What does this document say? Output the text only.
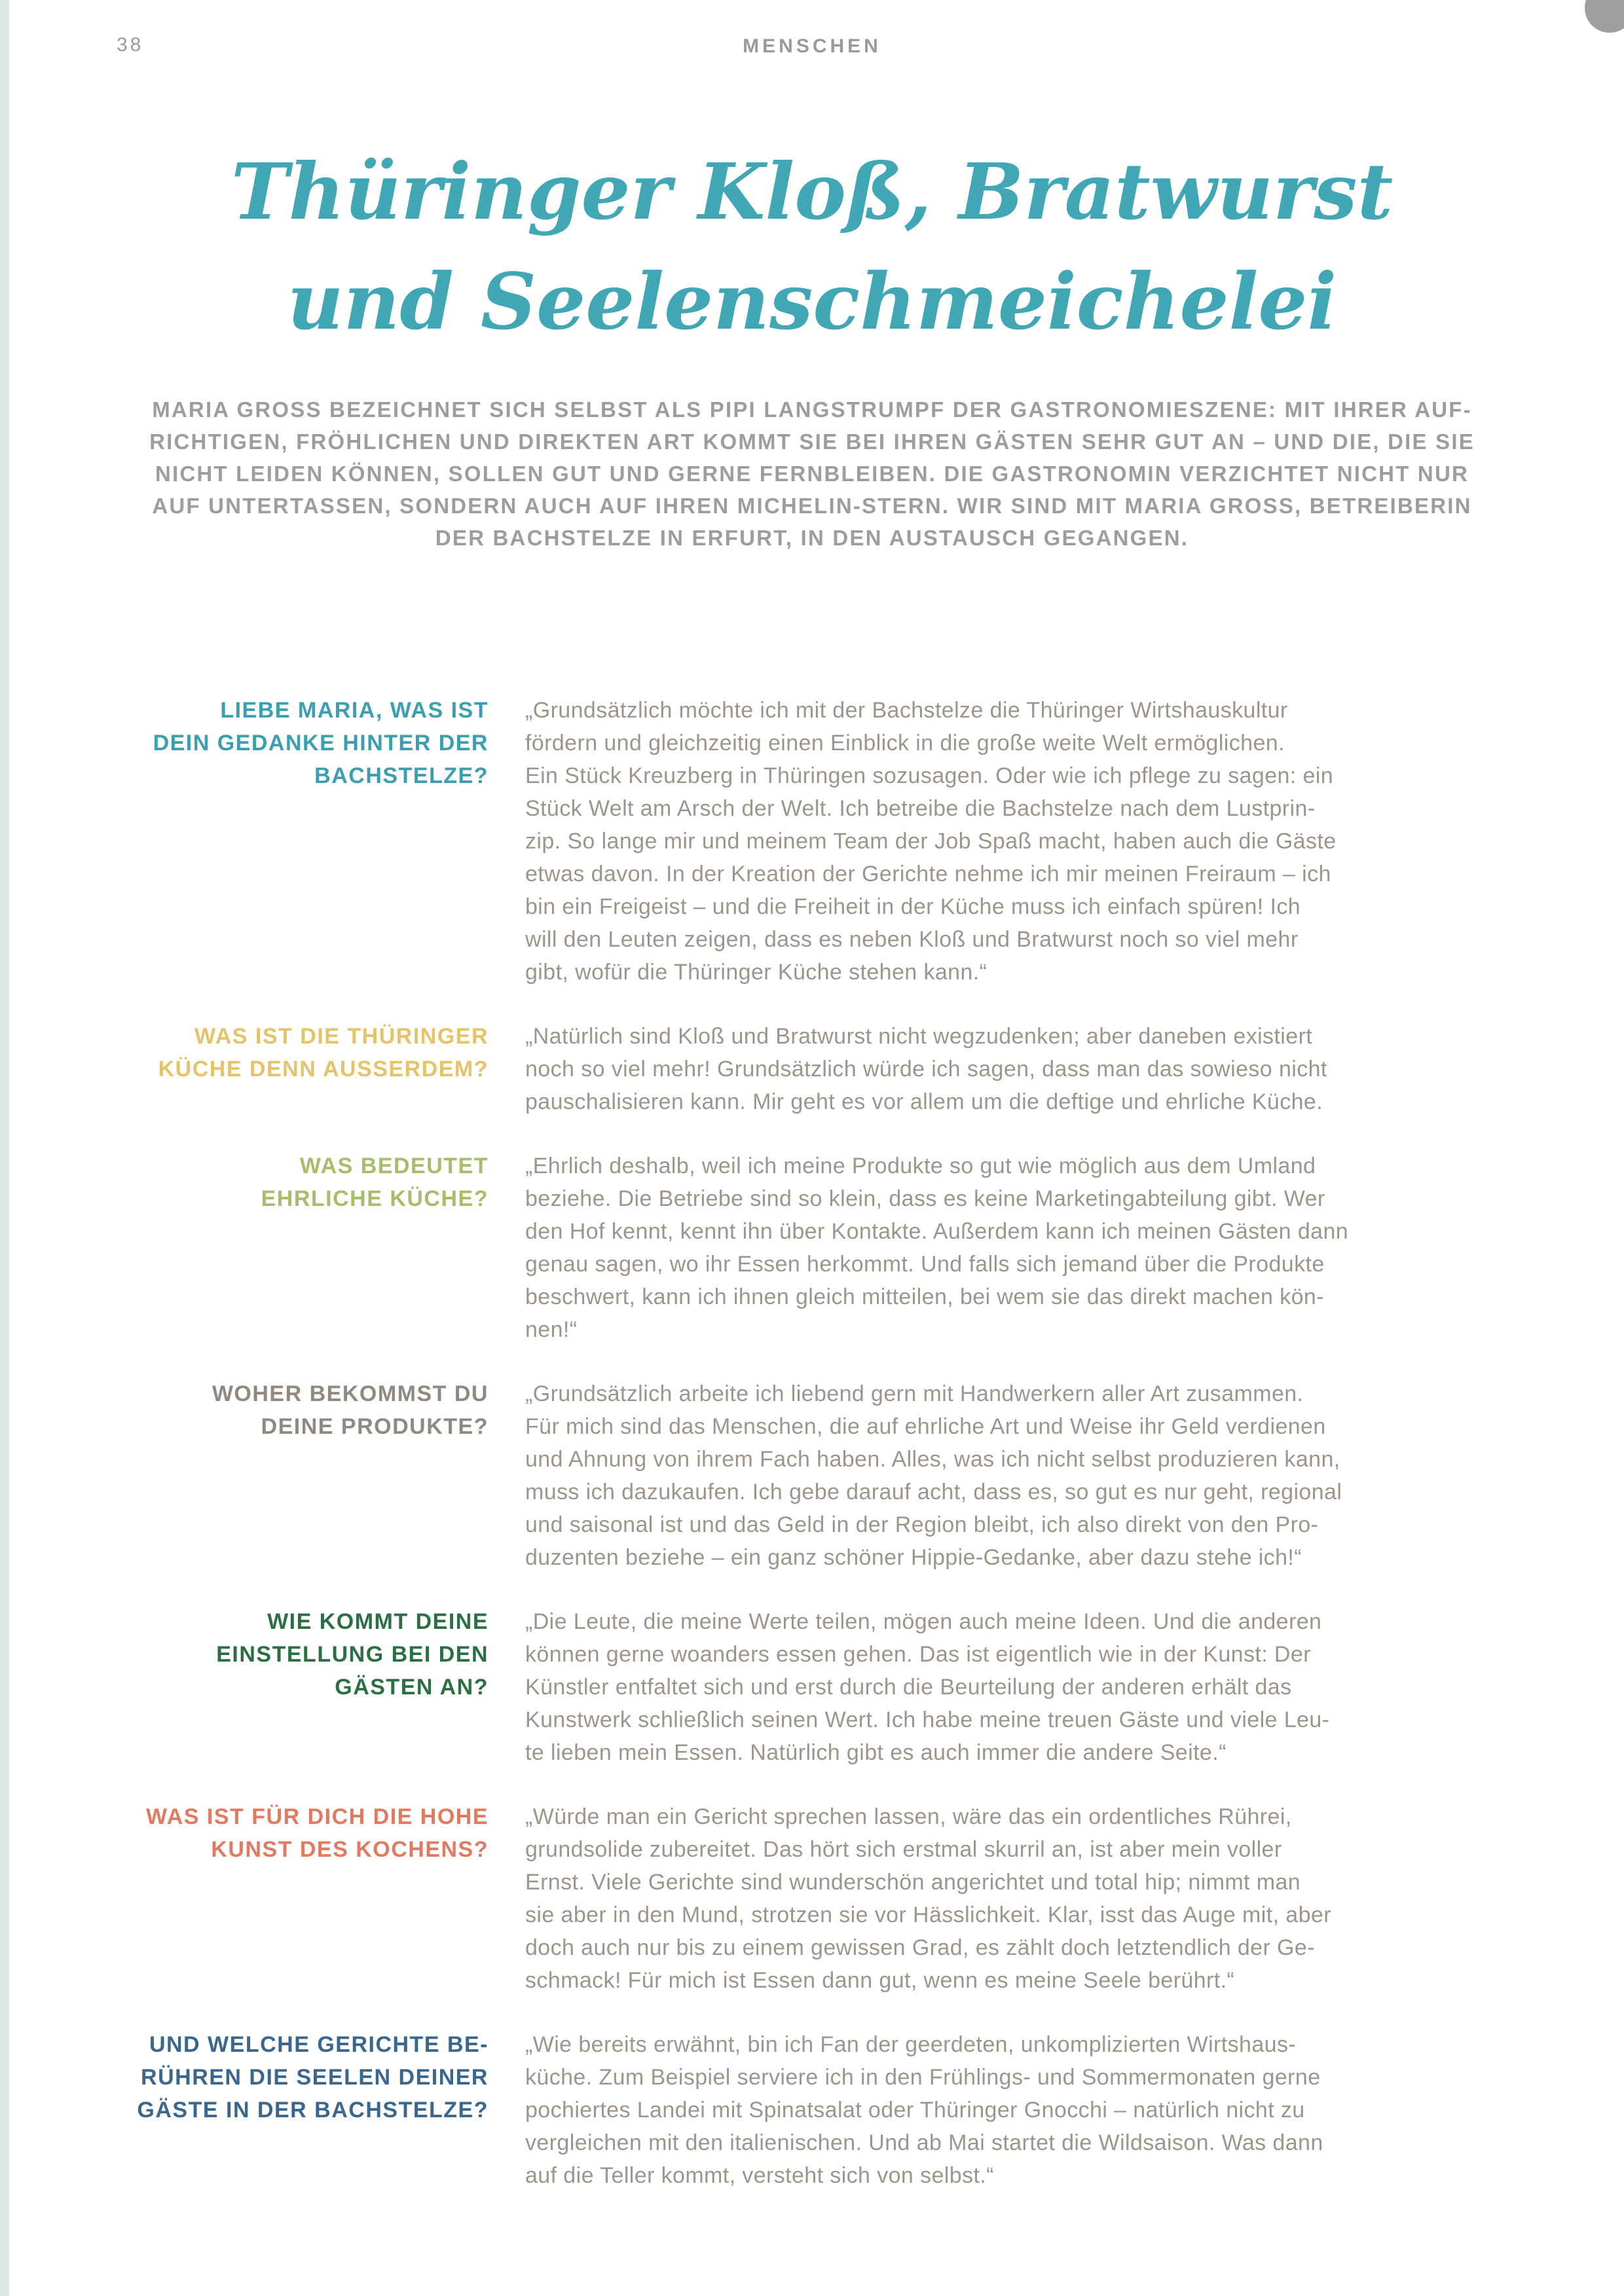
38	MENSCHEN
Thüringer Kloß, Bratwurst
und Seelenschmeichelei

MARIA GROSS BEZEICHNET SICH SELBST ALS PIPI LANGSTRUMPF DER GASTRONOMIESZENE: MIT IHRER AUF-
RICHTIGEN, FRÖHLICHEN UND DIREKTEN ART KOMMT SIE BEI IHREN GÄSTEN SEHR GUT AN – UND DIE, DIE SIE
NICHT LEIDEN KÖNNEN, SOLLEN GUT UND GERNE FERNBLEIBEN. DIE GASTRONOMIN VERZICHTET NICHT NUR
AUF UNTERTASSEN, SONDERN AUCH AUF IHREN MICHELIN-STERN. WIR SIND MIT MARIA GROSS, BETREIBERIN
DER BACHSTELZE IN ERFURT, IN DEN AUSTAUSCH GEGANGEN.

LIEBE MARIA, WAS IST
DEIN GEDANKE HINTER DER
BACHSTELZE?
„Grundsätzlich möchte ich mit der Bachstelze die Thüringer Wirtshauskultur
fördern und gleichzeitig einen Einblick in die große weite Welt ermöglichen.
Ein Stück Kreuzberg in Thüringen sozusagen. Oder wie ich pflege zu sagen: ein
Stück Welt am Arsch der Welt. Ich betreibe die Bachstelze nach dem Lustprin-
zip. So lange mir und meinem Team der Job Spaß macht, haben auch die Gäste
etwas davon. In der Kreation der Gerichte nehme ich mir meinen Freiraum – ich
bin ein Freigeist – und die Freiheit in der Küche muss ich einfach spüren! Ich
will den Leuten zeigen, dass es neben Kloß und Bratwurst noch so viel mehr
gibt, wofür die Thüringer Küche stehen kann.“
WAS IST DIE THÜRINGER
KÜCHE DENN AUSSERDEM?
„Natürlich sind Kloß und Bratwurst nicht wegzudenken; aber daneben existiert
noch so viel mehr! Grundsätzlich würde ich sagen, dass man das sowieso nicht
pauschalisieren kann. Mir geht es vor allem um die deftige und ehrliche Küche.
WAS BEDEUTET
EHRLICHE KÜCHE?
„Ehrlich deshalb, weil ich meine Produkte so gut wie möglich aus dem Umland
beziehe. Die Betriebe sind so klein, dass es keine Marketingabteilung gibt. Wer
den Hof kennt, kennt ihn über Kontakte. Außerdem kann ich meinen Gästen dann
genau sagen, wo ihr Essen herkommt. Und falls sich jemand über die Produkte
beschwert, kann ich ihnen gleich mitteilen, bei wem sie das direkt machen kön-
nen!“
WOHER BEKOMMST DU
DEINE PRODUKTE?
„Grundsätzlich arbeite ich liebend gern mit Handwerkern aller Art zusammen.
Für mich sind das Menschen, die auf ehrliche Art und Weise ihr Geld verdienen
und Ahnung von ihrem Fach haben. Alles, was ich nicht selbst produzieren kann,
muss ich dazukaufen. Ich gebe darauf acht, dass es, so gut es nur geht, regional
und saisonal ist und das Geld in der Region bleibt, ich also direkt von den Pro-
duzenten beziehe – ein ganz schöner Hippie-Gedanke, aber dazu stehe ich!“
WIE KOMMT DEINE
EINSTELLUNG BEI DEN
GÄSTEN AN?
„Die Leute, die meine Werte teilen, mögen auch meine Ideen. Und die anderen
können gerne woanders essen gehen. Das ist eigentlich wie in der Kunst: Der
Künstler entfaltet sich und erst durch die Beurteilung der anderen erhält das
Kunstwerk schließlich seinen Wert. Ich habe meine treuen Gäste und viele Leu-
te lieben mein Essen. Natürlich gibt es auch immer die andere Seite.“
WAS IST FÜR DICH DIE HOHE
KUNST DES KOCHENS?
„Würde man ein Gericht sprechen lassen, wäre das ein ordentliches Rührei,
grundsolide zubereitet. Das hört sich erstmal skurril an, ist aber mein voller
Ernst. Viele Gerichte sind wunderschön angerichtet und total hip; nimmt man
sie aber in den Mund, strotzen sie vor Hässlichkeit. Klar, isst das Auge mit, aber
doch auch nur bis zu einem gewissen Grad, es zählt doch letztendlich der Ge-
schmack! Für mich ist Essen dann gut, wenn es meine Seele berührt.“
UND WELCHE GERICHTE BE-
RÜHREN DIE SEELEN DEINER
GÄSTE IN DER BACHSTELZE?
„Wie bereits erwähnt, bin ich Fan der geerdeten, unkomplizierten Wirtshaus-
küche. Zum Beispiel serviere ich in den Frühlings- und Sommermonaten gerne
pochiertes Landei mit Spinatsalat oder Thüringer Gnocchi – natürlich nicht zu
vergleichen mit den italienischen. Und ab Mai startet die Wildsaison. Was dann
auf die Teller kommt, versteht sich von selbst.“
